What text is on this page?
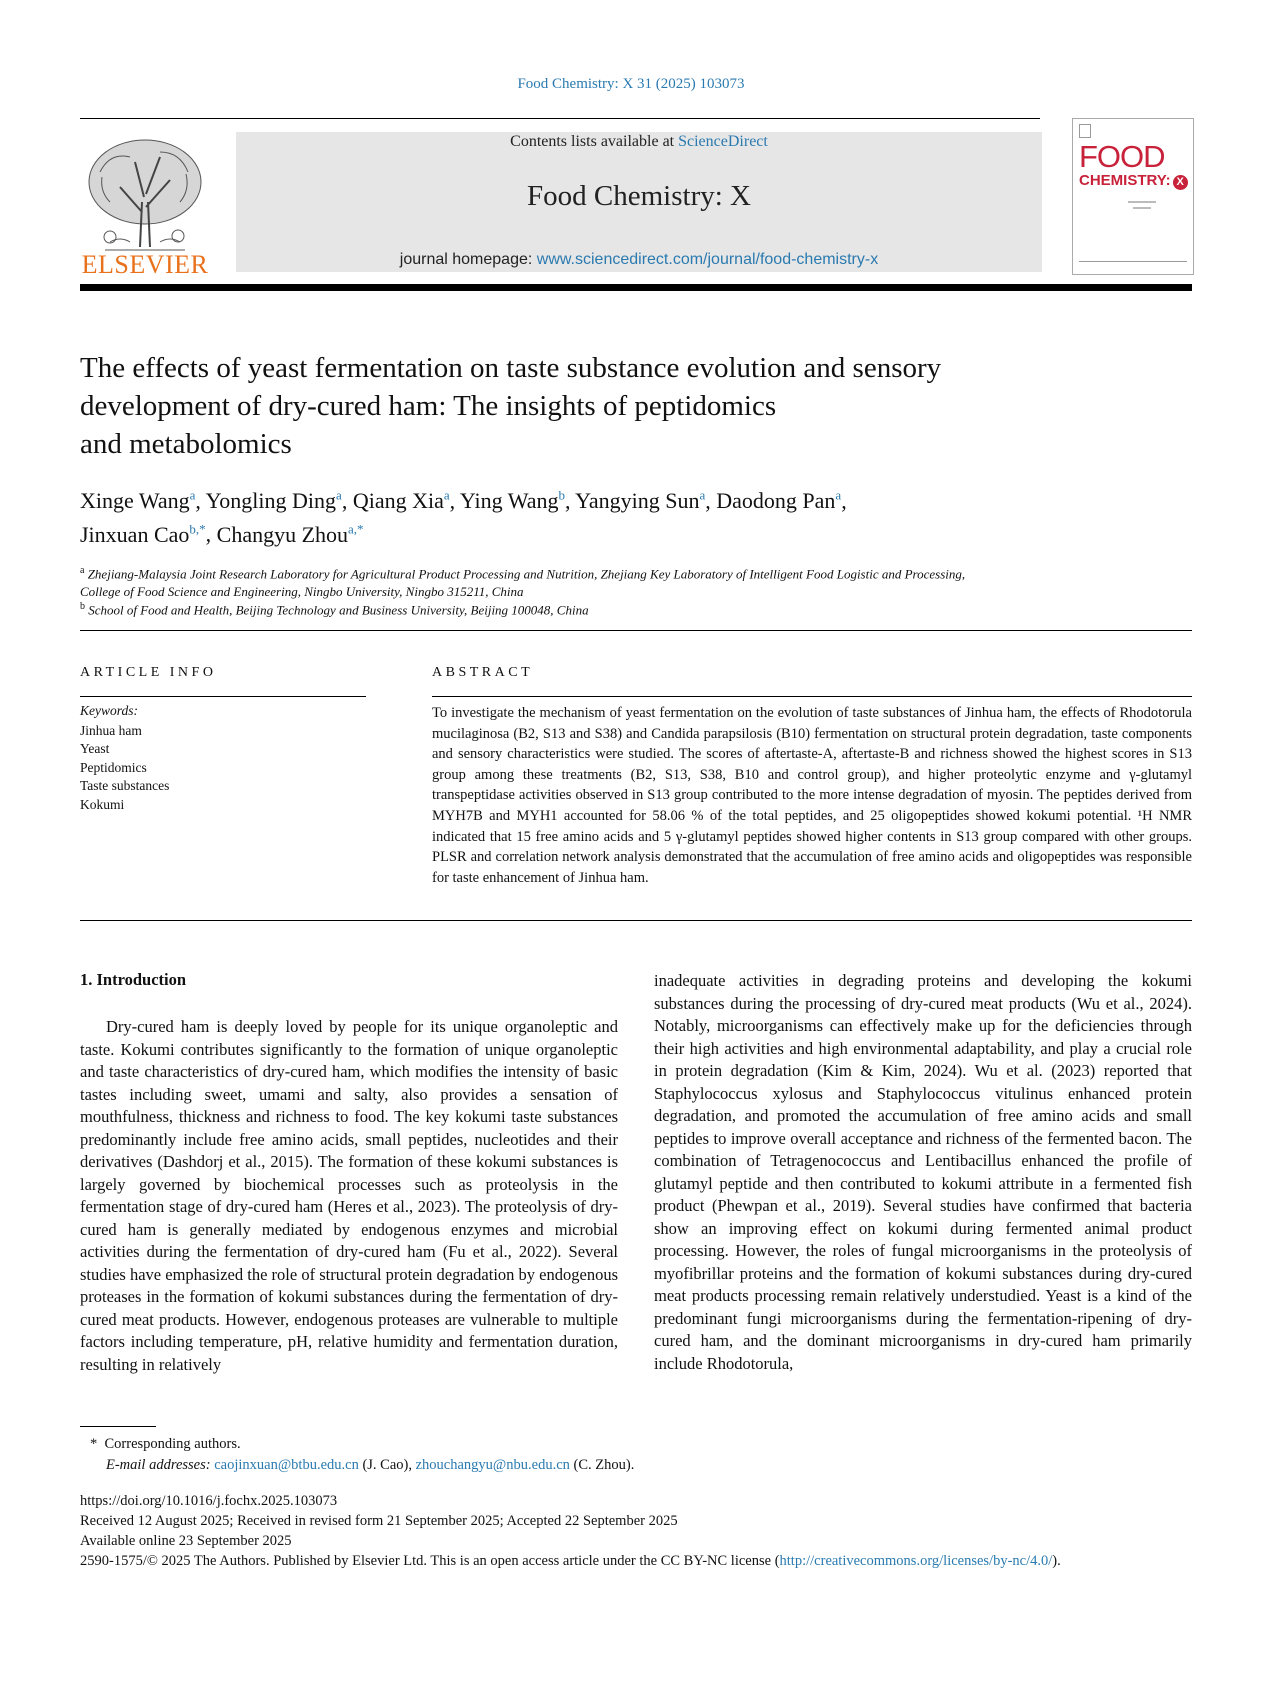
Food Chemistry: X 31 (2025) 103073
ELSEVIER
Contents lists available at ScienceDirect
Food Chemistry: X
journal homepage: www.sciencedirect.com/journal/food-chemistry-x
FOOD
CHEMISTRY: X
The effects of yeast fermentation on taste substance evolution and sensory
development of dry-cured ham: The insights of peptidomics
and metabolomics
Xinge Wang$^a$, Yongling Ding$^a$, Qiang Xia$^a$, Ying Wang$^b$, Yangying Sun$^a$, Daodong Pan$^a$,
Jinxuan Cao$^{b,*}$, Changyu Zhou$^{a,*}$
$^a$ Zhejiang-Malaysia Joint Research Laboratory for Agricultural Product Processing and Nutrition, Zhejiang Key Laboratory of Intelligent Food Logistic and Processing,
College of Food Science and Engineering, Ningbo University, Ningbo 315211, China
$^b$ School of Food and Health, Beijing Technology and Business University, Beijing 100048, China
ARTICLE INFO
Keywords:
Jinhua ham
Yeast
Peptidomics
Taste substances
Kokumi
ABSTRACT
To investigate the mechanism of yeast fermentation on the evolution of taste substances of Jinhua ham, the effects of Rhodotorula mucilaginosa (B2, S13 and S38) and Candida parapsilosis (B10) fermentation on structural protein degradation, taste components and sensory characteristics were studied. The scores of aftertaste-A, aftertaste-B and richness showed the highest scores in S13 group among these treatments (B2, S13, S38, B10 and control group), and higher proteolytic enzyme and γ-glutamyl transpeptidase activities observed in S13 group contributed to the more intense degradation of myosin. The peptides derived from MYH7B and MYH1 accounted for 58.06 % of the total peptides, and 25 oligopeptides showed kokumi potential. ¹H NMR indicated that 15 free amino acids and 5 γ-glutamyl peptides showed higher contents in S13 group compared with other groups. PLSR and correlation network analysis demonstrated that the accumulation of free amino acids and oligopeptides was responsible for taste enhancement of Jinhua ham.
1. Introduction

Dry-cured ham is deeply loved by people for its unique organoleptic and taste. Kokumi contributes significantly to the formation of unique organoleptic and taste characteristics of dry-cured ham, which modifies the intensity of basic tastes including sweet, umami and salty, also provides a sensation of mouthfulness, thickness and richness to food. The key kokumi taste substances predominantly include free amino acids, small peptides, nucleotides and their derivatives (Dashdorj et al., 2015). The formation of these kokumi substances is largely governed by biochemical processes such as proteolysis in the fermentation stage of dry-cured ham (Heres et al., 2023). The proteolysis of dry-cured ham is generally mediated by endogenous enzymes and microbial activities during the fermentation of dry-cured ham (Fu et al., 2022). Several studies have emphasized the role of structural protein degradation by endogenous proteases in the formation of kokumi substances during the fermentation of dry-cured meat products. However, endogenous proteases are vulnerable to multiple factors including temperature, pH, relative humidity and fermentation duration, resulting in relatively

inadequate activities in degrading proteins and developing the kokumi substances during the processing of dry-cured meat products (Wu et al., 2024). Notably, microorganisms can effectively make up for the deficiencies through their high activities and high environmental adaptability, and play a crucial role in protein degradation (Kim & Kim, 2024). Wu et al. (2023) reported that Staphylococcus xylosus and Staphylococcus vitulinus enhanced protein degradation, and promoted the accumulation of free amino acids and small peptides to improve overall acceptance and richness of the fermented bacon. The combination of Tetragenococcus and Lentibacillus enhanced the profile of glutamyl peptide and then contributed to kokumi attribute in a fermented fish product (Phewpan et al., 2019). Several studies have confirmed that bacteria show an improving effect on kokumi during fermented animal product processing. However, the roles of fungal microorganisms in the proteolysis of myofibrillar proteins and the formation of kokumi substances during dry-cured meat products processing remain relatively understudied. Yeast is a kind of the predominant fungi microorganisms during the fermentation-ripening of dry-cured ham, and the dominant microorganisms in dry-cured ham primarily include Rhodotorula,

* Corresponding authors.
E-mail addresses: caojinxuan@btbu.edu.cn (J. Cao), zhouchangyu@nbu.edu.cn (C. Zhou).
https://doi.org/10.1016/j.fochx.2025.103073
Received 12 August 2025; Received in revised form 21 September 2025; Accepted 22 September 2025
Available online 23 September 2025
2590-1575/© 2025 The Authors. Published by Elsevier Ltd. This is an open access article under the CC BY-NC license (http://creativecommons.org/licenses/by-nc/4.0/).
